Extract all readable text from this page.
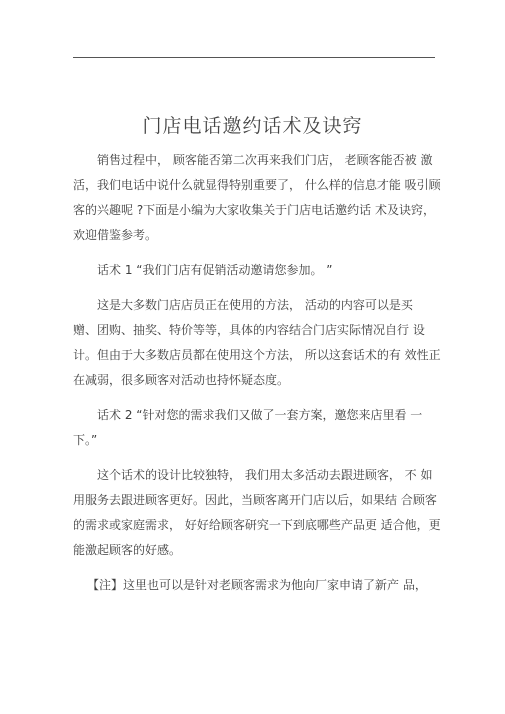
门店电话邀约话术及诀窍

销售过程中， 顾客能否第二次再来我们门店， 老顾客能否被 激
活，我们电话中说什么就显得特别重要了， 什么样的信息才能 吸引顾
客的兴趣呢 ?下面是小编为大家收集关于门店电话邀约话 术及诀窍，
欢迎借鉴参考。

话术 1 “我们门店有促销活动邀请您参加。 ”

这是大多数门店店员正在使用的方法， 活动的内容可以是买
赠、团购、抽奖、特价等等，具体的内容结合门店实际情况自行 设
计。但由于大多数店员都在使用这个方法， 所以这套话术的有 效性正
在减弱，很多顾客对活动也持怀疑态度。

话术 2 “针对您的需求我们又做了一套方案，邀您来店里看 一
下。”

这个话术的设计比较独特， 我们用太多活动去跟进顾客， 不 如
用服务去跟进顾客更好。因此，当顾客离开门店以后，如果结 合顾客
的需求或家庭需求， 好好给顾客研究一下到底哪些产品更 适合他，更
能激起顾客的好感。

【注】这里也可以是针对老顾客需求为他向厂家申请了新产 品，
